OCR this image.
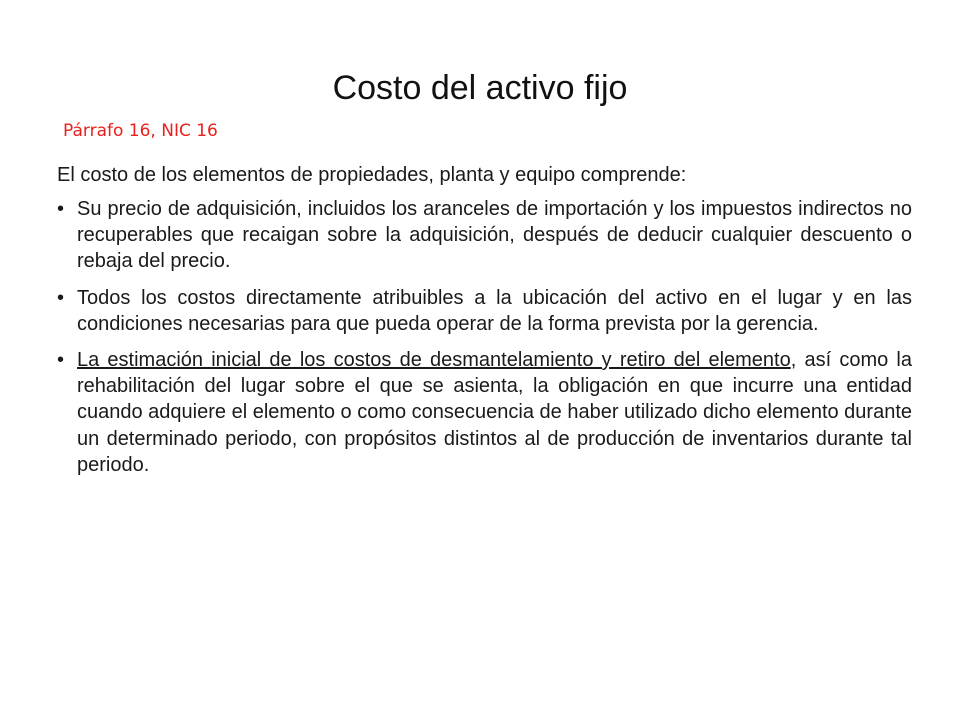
Costo del activo fijo

Párrafo 16, NIC 16

El costo de los elementos de propiedades, planta y equipo comprende:

• Su precio de adquisición, incluidos los aranceles de importación y los impuestos indirectos no recuperables que recaigan sobre la adquisición, después de deducir cualquier descuento o rebaja del precio.
• Todos los costos directamente atribuibles a la ubicación del activo en el lugar y en las condiciones necesarias para que pueda operar de la forma prevista por la gerencia.
• La estimación inicial de los costos de desmantelamiento y retiro del elemento, así como la rehabilitación del lugar sobre el que se asienta, la obligación en que incurre una entidad cuando adquiere el elemento o como consecuencia de haber utilizado dicho elemento durante un determinado periodo, con propósitos distintos al de producción de inventarios durante tal periodo.
